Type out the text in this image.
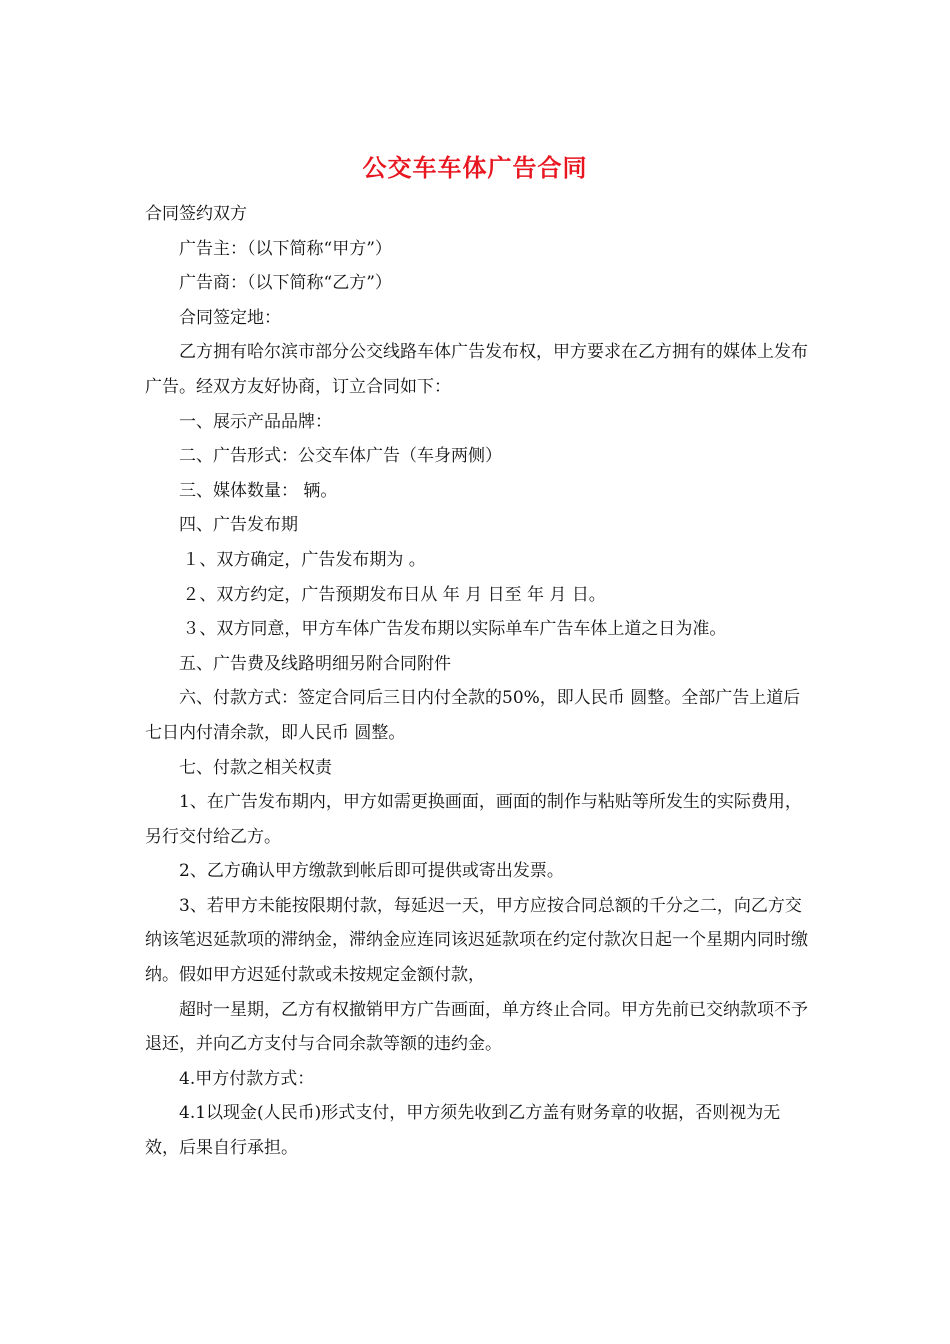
公交车车体广告合同

合同签约双方

广告主：（以下简称“甲方”）

广告商：（以下简称“乙方”）

合同签定地：

乙方拥有哈尔滨市部分公交线路车体广告发布权，甲方要求在乙方拥有的媒体上发布广告。经双方友好协商，订立合同如下：

一、展示产品品牌：

二、广告形式：公交车体广告（车身两侧）

三、媒体数量： 辆。

四、广告发布期

１、双方确定，广告发布期为 。

２、双方约定，广告预期发布日从 年 月 日至 年 月 日。

３、双方同意，甲方车体广告发布期以实际单车广告车体上道之日为准。

五、广告费及线路明细另附合同附件

六、付款方式：签定合同后三日内付全款的50%，即人民币 圆整。全部广告上道后七日内付清余款，即人民币 圆整。

七、付款之相关权责

1、在广告发布期内，甲方如需更换画面，画面的制作与粘贴等所发生的实际费用，另行交付给乙方。

2、乙方确认甲方缴款到帐后即可提供或寄出发票。

3、若甲方未能按限期付款，每延迟一天，甲方应按合同总额的千分之二，向乙方交纳该笔迟延款项的滞纳金，滞纳金应连同该迟延款项在约定付款次日起一个星期内同时缴纳。假如甲方迟延付款或未按规定金额付款，

超时一星期，乙方有权撤销甲方广告画面，单方终止合同。甲方先前已交纳款项不予退还，并向乙方支付与合同余款等额的违约金。

4.甲方付款方式：

4.1以现金(人民币)形式支付，甲方须先收到乙方盖有财务章的收据，否则视为无效，后果自行承担。
